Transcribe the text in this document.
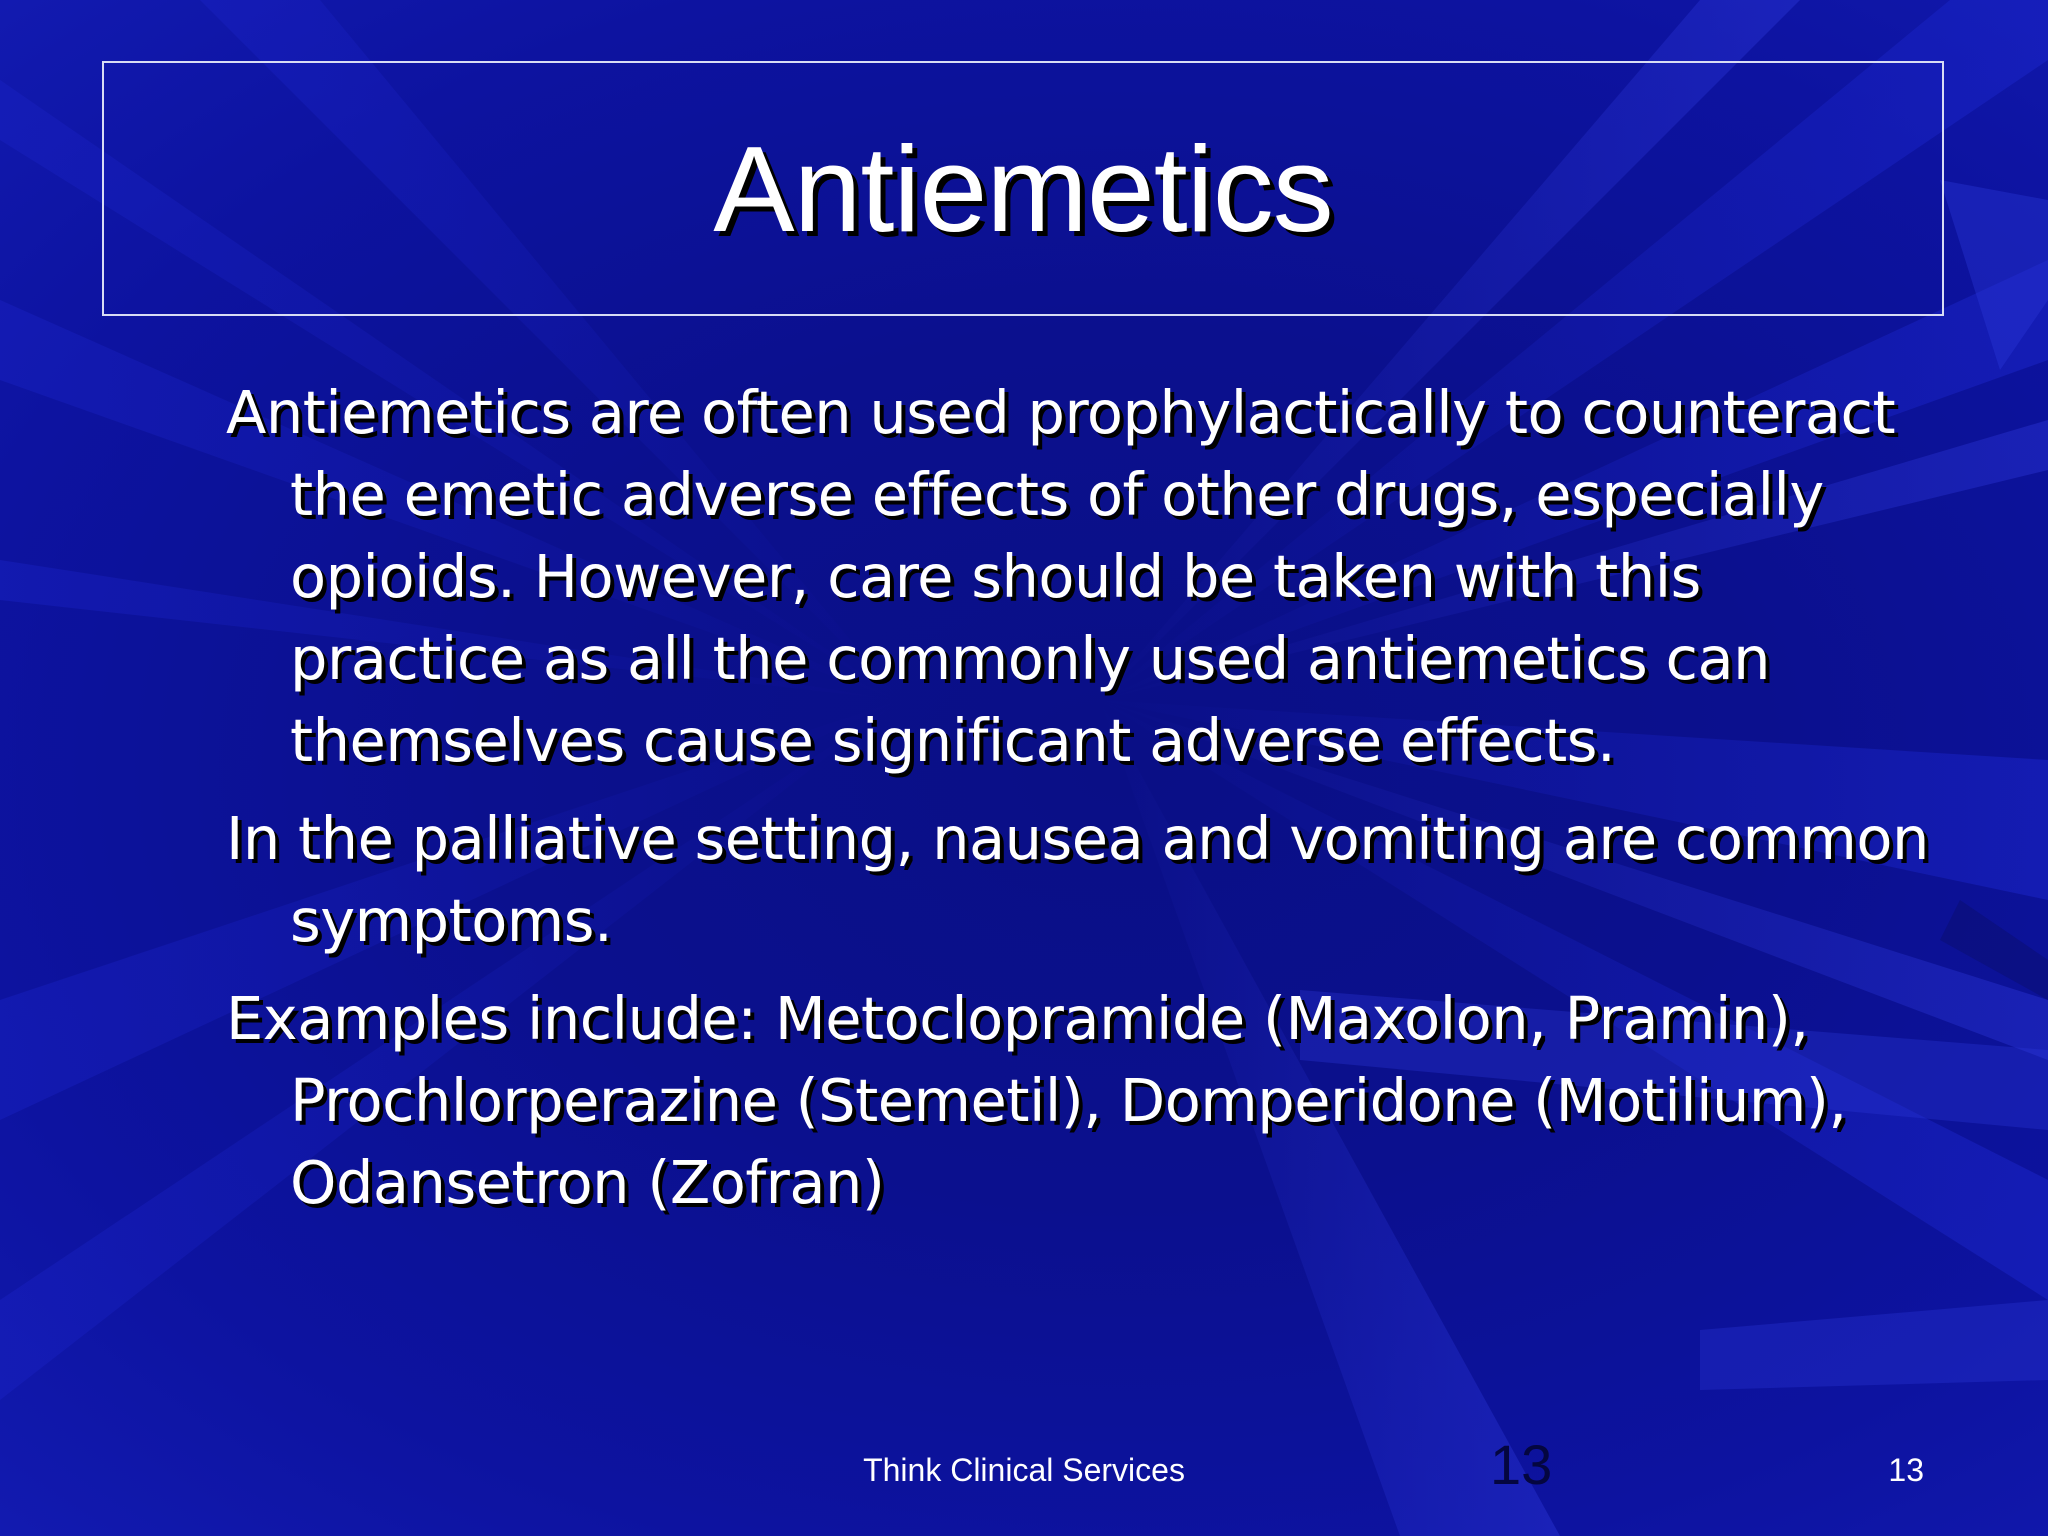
Antiemetics

Antiemetics are often used prophylactically to counteract the emetic adverse effects of other drugs, especially opioids. However, care should be taken with this practice as all the commonly used antiemetics can themselves cause significant adverse effects.

In the palliative setting, nausea and vomiting are common symptoms.

Examples include: Metoclopramide (Maxolon, Pramin), Prochlorperazine (Stemetil), Domperidone (Motilium), Odansetron (Zofran)

Think Clinical Services	13	13
